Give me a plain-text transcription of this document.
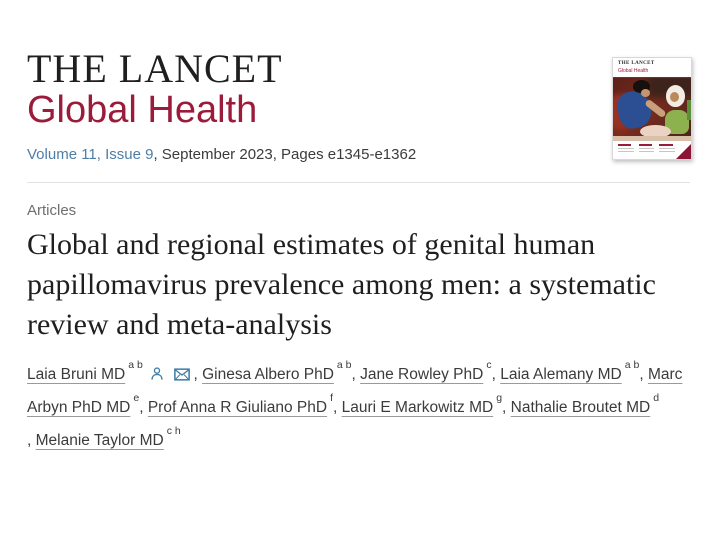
THE LANCET
Global Health

Volume 11, Issue 9, September 2023, Pages e1345-e1362

THE LANCET
Global Health
Articles
Global and regional estimates of genital human papillomavirus prevalence among men: a systematic review and meta-analysis

Laia Bruni MD$^{a b}$

, Ginesa Albero PhD$^{a b}$, Jane Rowley PhD$^c$, Laia Alemany MD$^{a b}$, Marc Arbyn PhD MDe, Prof Anna R Giuliano PhD$^f$, Lauri E Markowitz MD$^g$, Nathalie Broutet MD$^d$ , Melanie Taylor MD$^{c h}$
